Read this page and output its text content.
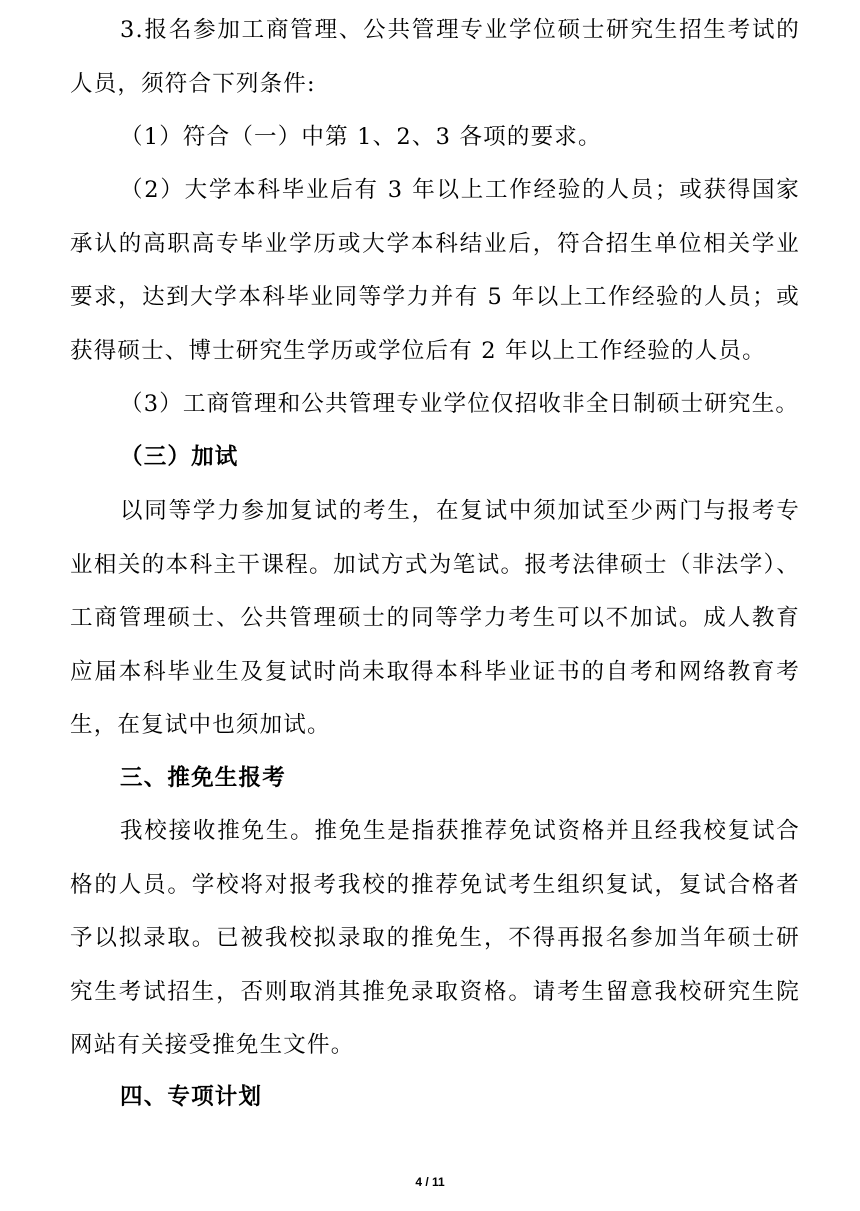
3.报名参加工商管理、公共管理专业学位硕士研究生招生考试的人员，须符合下列条件:

（1）符合（一）中第 1、2、3 各项的要求。

（2）大学本科毕业后有 3 年以上工作经验的人员；或获得国家承认的高职高专毕业学历或大学本科结业后，符合招生单位相关学业要求，达到大学本科毕业同等学力并有 5 年以上工作经验的人员；或获得硕士、博士研究生学历或学位后有 2 年以上工作经验的人员。

（3）工商管理和公共管理专业学位仅招收非全日制硕士研究生。

（三）加试

以同等学力参加复试的考生，在复试中须加试至少两门与报考专业相关的本科主干课程。加试方式为笔试。报考法律硕士（非法学）、工商管理硕士、公共管理硕士的同等学力考生可以不加试。成人教育应届本科毕业生及复试时尚未取得本科毕业证书的自考和网络教育考生，在复试中也须加试。

三、推免生报考

我校接收推免生。推免生是指获推荐免试资格并且经我校复试合格的人员。学校将对报考我校的推荐免试考生组织复试，复试合格者予以拟录取。已被我校拟录取的推免生，不得再报名参加当年硕士研究生考试招生，否则取消其推免录取资格。请考生留意我校研究生院网站有关接受推免生文件。

四、专项计划

4 / 11
